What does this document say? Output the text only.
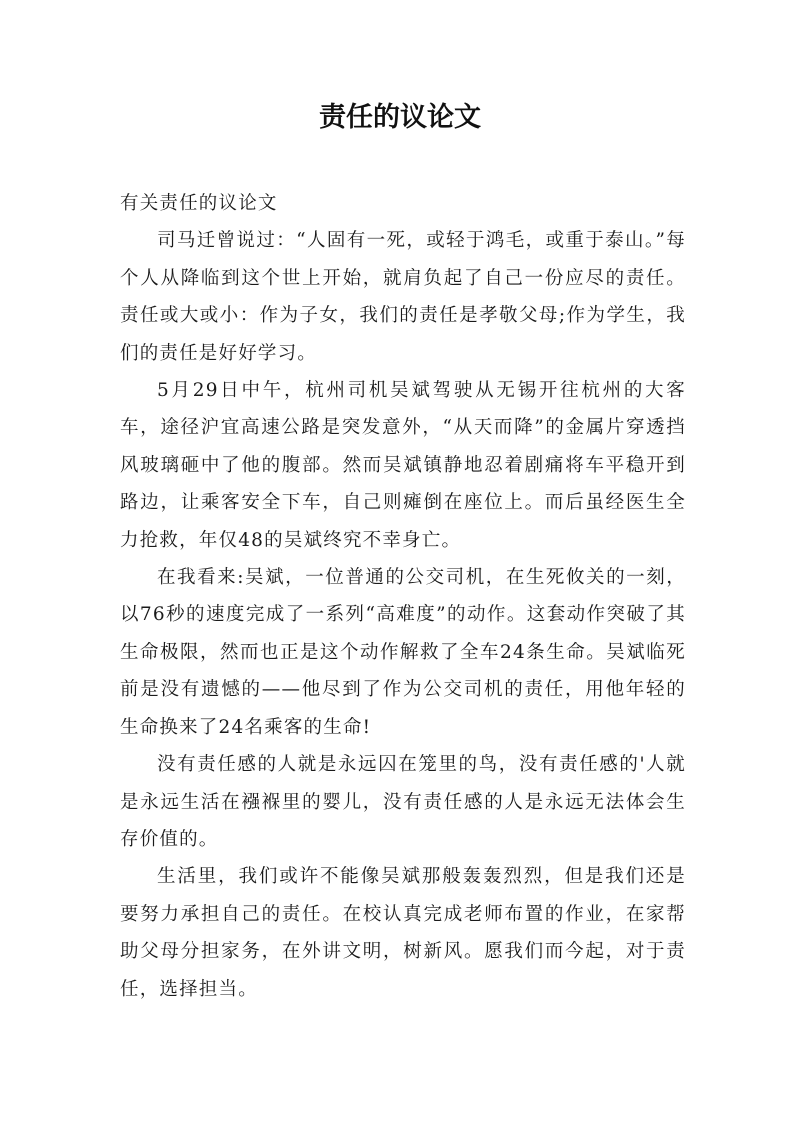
责任的议论文

有关责任的议论文

司马迁曾说过：“人固有一死，或轻于鸿毛，或重于泰山。”每个人从降临到这个世上开始，就肩负起了自己一份应尽的责任。责任或大或小：作为子女，我们的责任是孝敬父母;作为学生，我们的责任是好好学习。

5月29日中午，杭州司机吴斌驾驶从无锡开往杭州的大客车，途径沪宜高速公路是突发意外，“从天而降”的金属片穿透挡风玻璃砸中了他的腹部。然而吴斌镇静地忍着剧痛将车平稳开到路边，让乘客安全下车，自己则瘫倒在座位上。而后虽经医生全力抢救，年仅48的吴斌终究不幸身亡。

在我看来:吴斌，一位普通的公交司机，在生死攸关的一刻，以76秒的速度完成了一系列“高难度”的动作。这套动作突破了其生命极限，然而也正是这个动作解救了全车24条生命。吴斌临死前是没有遗憾的——他尽到了作为公交司机的责任，用他年轻的生命换来了24名乘客的生命!

没有责任感的人就是永远囚在笼里的鸟，没有责任感的'人就是永远生活在襁褓里的婴儿，没有责任感的人是永远无法体会生存价值的。

生活里，我们或许不能像吴斌那般轰轰烈烈，但是我们还是要努力承担自己的责任。在校认真完成老师布置的作业，在家帮助父母分担家务，在外讲文明，树新风。愿我们而今起，对于责任，选择担当。
